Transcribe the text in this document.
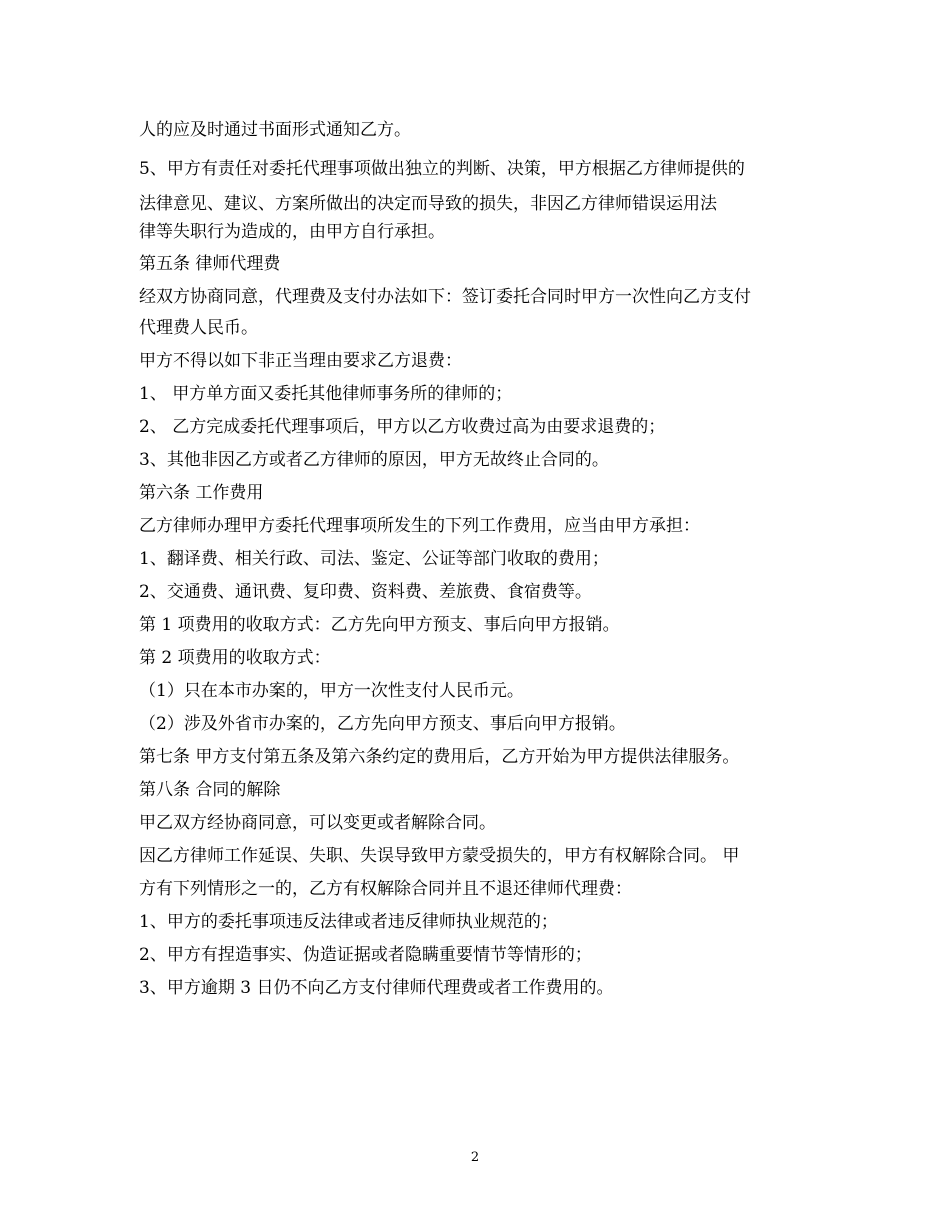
人的应及时通过书面形式通知乙方。
5、甲方有责任对委托代理事项做出独立的判断、决策，甲方根据乙方律师提供的
法律意见、建议、方案所做出的决定而导致的损失，非因乙方律师错误运用法
律等失职行为造成的，由甲方自行承担。
第五条 律师代理费
经双方协商同意，代理费及支付办法如下：签订委托合同时甲方一次性向乙方支付
代理费人民币。
甲方不得以如下非正当理由要求乙方退费：
1、 甲方单方面又委托其他律师事务所的律师的；
2、 乙方完成委托代理事项后，甲方以乙方收费过高为由要求退费的；
3、其他非因乙方或者乙方律师的原因，甲方无故终止合同的。
第六条 工作费用
乙方律师办理甲方委托代理事项所发生的下列工作费用，应当由甲方承担：
1、翻译费、相关行政、司法、鉴定、公证等部门收取的费用；
2、交通费、通讯费、复印费、资料费、差旅费、食宿费等。
第 1 项费用的收取方式：乙方先向甲方预支、事后向甲方报销。
第 2 项费用的收取方式：
（1）只在本市办案的，甲方一次性支付人民币元。
（2）涉及外省市办案的，乙方先向甲方预支、事后向甲方报销。
第七条 甲方支付第五条及第六条约定的费用后，乙方开始为甲方提供法律服务。
第八条 合同的解除
甲乙双方经协商同意，可以变更或者解除合同。
因乙方律师工作延误、失职、失误导致甲方蒙受损失的，甲方有权解除合同。 甲
方有下列情形之一的，乙方有权解除合同并且不退还律师代理费：
1、甲方的委托事项违反法律或者违反律师执业规范的；
2、甲方有捏造事实、伪造证据或者隐瞒重要情节等情形的；
3、甲方逾期 3 日仍不向乙方支付律师代理费或者工作费用的。
2
